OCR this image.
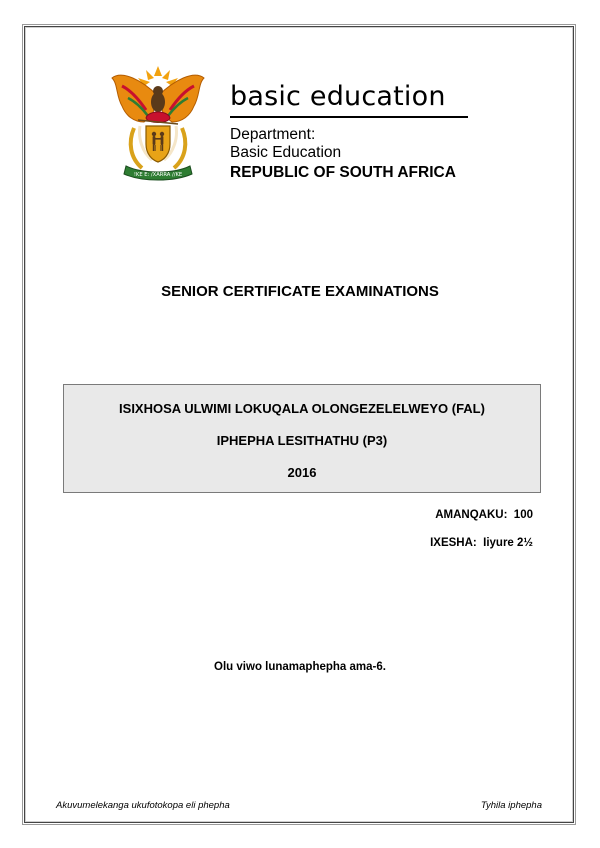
!KE E: /XARRA //KE
basic education
Department:
Basic Education
REPUBLIC OF SOUTH AFRICA
SENIOR CERTIFICATE EXAMINATIONS
ISIXHOSA ULWIMI LOKUQALA OLONGEZELELWEYO (FAL)
IPHEPHA LESITHATHU (P3)
2016
AMANQAKU:  100
IXESHA:  Iiyure 2½
Olu viwo lunamaphepha ama-6.
Akuvumelekanga ukufotokopa eli phepha	Tyhila iphepha
